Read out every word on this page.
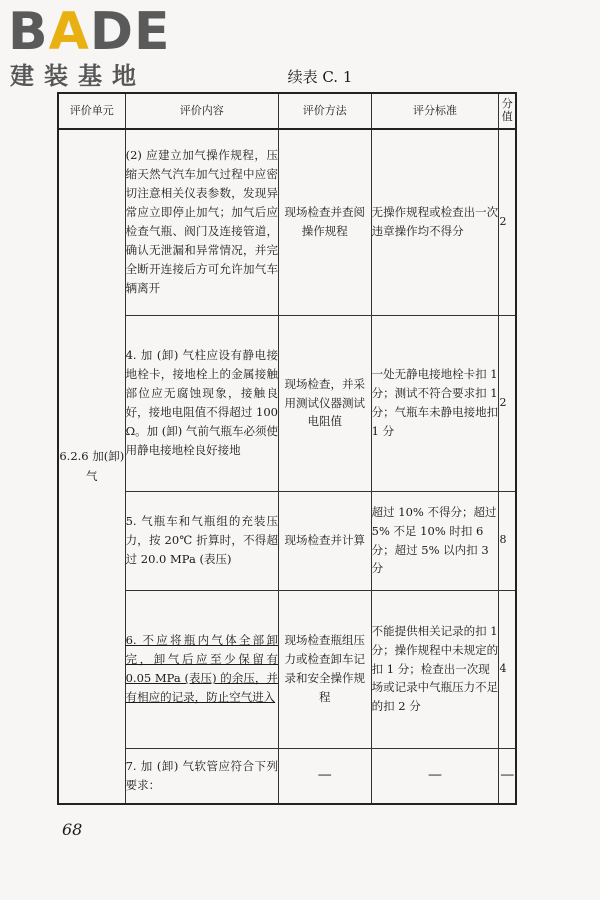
BADE
建装基地	续表 C. 1
评价单元	评价内容	评价方法	评分标准	分值
6.2.6 加(卸)气	(2) 应建立加气操作规程，压缩天然气汽车加气过程中应密切注意相关仪表参数，发现异常应立即停止加气；加气后应检查气瓶、阀门及连接管道，确认无泄漏和异常情况，并完全断开连接后方可允许加气车辆离开	现场检查并查阅操作规程	无操作规程或检查出一次违章操作均不得分	2
	4. 加 (卸) 气柱应设有静电接地栓卡，接地栓上的金属接触部位应无腐蚀现象，接触良好，接地电阻值不得超过 100 Ω。加 (卸) 气前气瓶车必须使用静电接地栓良好接地	现场检查，并采用测试仪器测试电阻值	一处无静电接地栓卡扣 1 分；测试不符合要求扣 1 分；气瓶车未静电接地扣 1 分	2
	5. 气瓶车和气瓶组的充装压力，按 20℃ 折算时，不得超过 20.0 MPa (表压)	现场检查并计算	超过 10% 不得分；超过 5% 不足 10% 时扣 6 分；超过 5% 以内扣 3 分	8
	6. 不应将瓶内气体全部卸完，卸气后应至少保留有 0.05 MPa (表压) 的余压，并有相应的记录，防止空气进入	现场检查瓶组压力或检查卸车记录和安全操作规程	不能提供相关记录的扣 1 分；操作规程中未规定的扣 1 分；检查出一次现场或记录中气瓶压力不足的扣 2 分	4
	7. 加 (卸) 气软管应符合下列要求：	—	—	—
68
